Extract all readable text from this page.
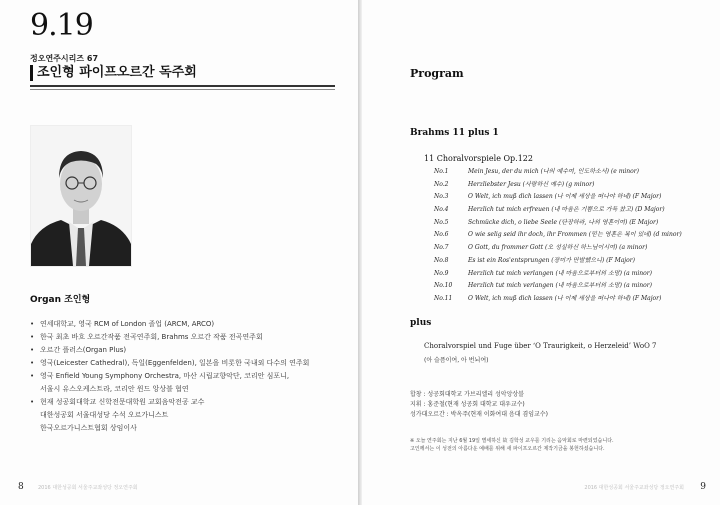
9.19
정오연주시리즈 67
조인형 파이프오르간 독주회
Organ 조인형
• 연세대학교, 영국 RCM of London 졸업 (ARCM, ARCO)
• 한국 최초 바흐 오르간작품 전곡연주회, Brahms 오르간 작품 전곡연주회
• 오르간 플러스(Organ Plus)
• 영국(Leicester Cathedral), 독일(Eggenfelden), 일본을 비롯한 국내외 다수의 연주회
• 영국 Enfield Young Symphony Orchestra, 마산 시립교향악단, 코리안 심포니,
서울시 유스오케스트라, 코리안 윈드 앙상블 협연
• 현재 성공회대학교 신학전문대학원 교회음악전공 교수
대한성공회 서울대성당 수석 오르가니스트
한국오르가니스트협회 상임이사
8	2016 대한성공회 서울주교좌성당 정오연주회
Program
Brahms 11 plus 1
11 Choralvorspiele Op.122
No.1	Mein Jesu, der du mich (나의 예수여, 인도하소서) (e minor)
No.2	Herzliebster Jesu (사랑하신 예수) (g minor)
No.3	O Welt, ich muß dich lassen (나 이제 세상을 떠나야 하네) (F Major)
No.4	Herzlich tut mich erfreuen (내 마음은 기쁨으로 가득 찼고) (D Major)
No.5	Schmücke dich, o liebe Seele (단장하라, 나의 영혼이여) (E Major)
No.6	O wie selig seid ihr doch, ihr Frommen (믿는 영혼은 복이 있네) (d minor)
No.7	O Gott, du frommer Gott (오 성실하신 하느님이시여) (a minor)
No.8	Es ist ein Ros'entsprungen (장미가 만발했으니) (F Major)
No.9	Herzlich tut mich verlangen (내 마음으로부터의 소망) (a minor)
No.10	Herzlich tut mich verlangen (내 마음으로부터의 소망) (a minor)
No.11	O Welt, ich muß dich lassen (나 이제 세상을 떠나야 하네) (F Major)
plus
Choralvorspiel und Fuge über ‘O Traurigkeit, o Herzeleid’ WoO 7
(아 슬픔이여, 아 번뇌여)
합창 : 성공회대학교 가브리엘리 성악앙상블
지휘 : 홍준철(현재 성공회 대학교 대우교수)
성가대오르간 : 박옥주(현재 이화여대 음대 겸임교수)
※ 오늘 연주회는 지난 6월 19일 별세하신 故 김학성 교우를 기리는 음악회로 마련되었습니다.
고인께서는 이 성전의 아름다운 예배를 위해 새 파이프오르간 제작기금을 봉헌하셨습니다.
2016 대한성공회 서울주교좌성당 정오연주회 9
